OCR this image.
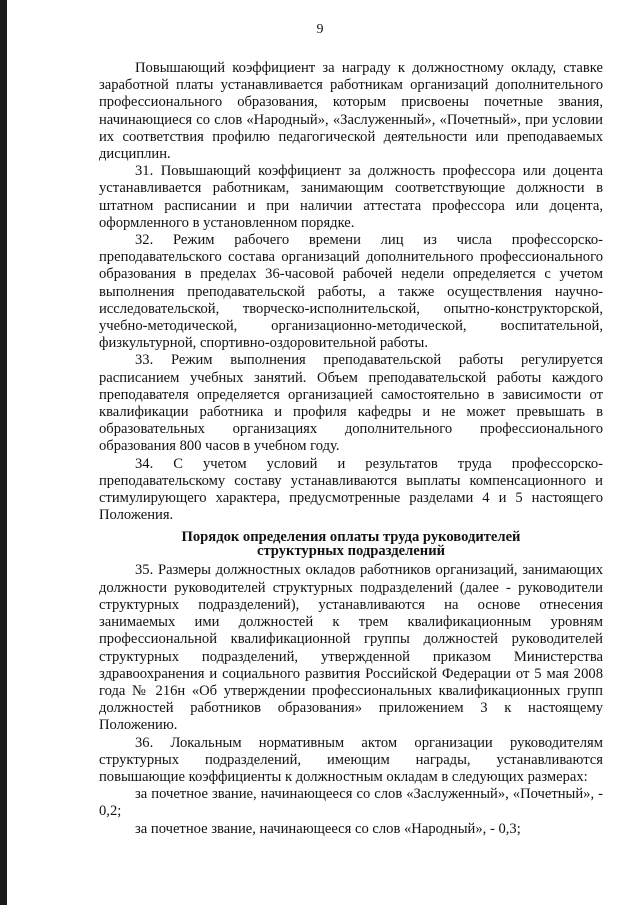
9

Повышающий коэффициент за награду к должностному окладу, ставке заработной платы устанавливается работникам организаций дополнительного профессионального образования, которым присвоены почетные звания, начинающиеся со слов «Народный», «Заслуженный», «Почетный», при условии их соответствия профилю педагогической деятельности или преподаваемых дисциплин.

31. Повышающий коэффициент за должность профессора или доцента устанавливается работникам, занимающим соответствующие должности в штатном расписании и при наличии аттестата профессора или доцента, оформленного в установленном порядке.

32. Режим рабочего времени лиц из числа профессорско-преподавательского состава организаций дополнительного профессионального образования в пределах 36-часовой рабочей недели определяется с учетом выполнения преподавательской работы, а также осуществления научно-исследовательской, творческо-исполнительской, опытно-конструкторской, учебно-методической, организационно-методической, воспитательной, физкультурной, спортивно-оздоровительной работы.

33. Режим выполнения преподавательской работы регулируется расписанием учебных занятий. Объем преподавательской работы каждого преподавателя определяется организацией самостоятельно в зависимости от квалификации работника и профиля кафедры и не может превышать в образовательных организациях дополнительного профессионального образования 800 часов в учебном году.

34. С учетом условий и результатов труда профессорско-преподавательскому составу устанавливаются выплаты компенсационного и стимулирующего характера, предусмотренные разделами 4 и 5 настоящего Положения.

Порядок определения оплаты труда руководителей
структурных подразделений

35. Размеры должностных окладов работников организаций, занимающих должности руководителей структурных подразделений (далее - руководители структурных подразделений), устанавливаются на основе отнесения занимаемых ими должностей к трем квалификационным уровням профессиональной квалификационной группы должностей руководителей структурных подразделений, утвержденной приказом Министерства здравоохранения и социального развития Российской Федерации от 5 мая 2008 года № 216н «Об утверждении профессиональных квалификационных групп должностей работников образования» приложением 3 к настоящему Положению.

36. Локальным нормативным актом организации руководителям структурных подразделений, имеющим награды, устанавливаются повышающие коэффициенты к должностным окладам в следующих размерах:

за почетное звание, начинающееся со слов «Заслуженный», «Почетный», - 0,2;

за почетное звание, начинающееся со слов «Народный», - 0,3;
